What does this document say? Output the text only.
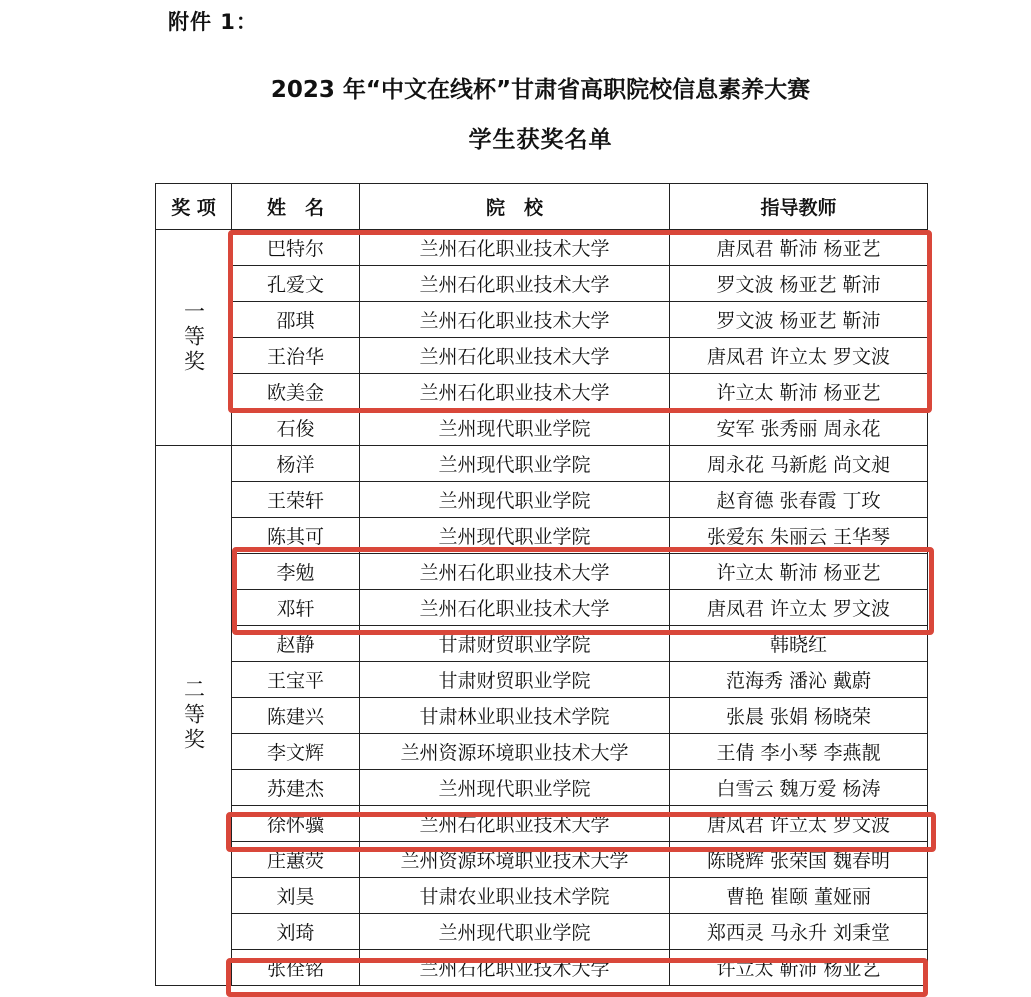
附件 1：
2023 年“中文在线杯”甘肃省高职院校信息素养大赛
学生获奖名单
奖 项	姓　名	院　校	指导教师
一等奖	巴特尔	兰州石化职业技术大学	唐凤君 靳沛 杨亚艺
	孔爱文	兰州石化职业技术大学	罗文波 杨亚艺 靳沛
	邵琪	兰州石化职业技术大学	罗文波 杨亚艺 靳沛
	王治华	兰州石化职业技术大学	唐凤君 许立太 罗文波
	欧美金	兰州石化职业技术大学	许立太 靳沛 杨亚艺
	石俊	兰州现代职业学院	安军 张秀丽 周永花
二等奖	杨洋	兰州现代职业学院	周永花 马新彪 尚文昶
	王荣轩	兰州现代职业学院	赵育德 张春霞 丁玫
	陈其可	兰州现代职业学院	张爱东 朱丽云 王华琴
	李勉	兰州石化职业技术大学	许立太 靳沛 杨亚艺
	邓轩	兰州石化职业技术大学	唐凤君 许立太 罗文波
	赵静	甘肃财贸职业学院	韩晓红
	王宝平	甘肃财贸职业学院	范海秀 潘沁 戴蔚
	陈建兴	甘肃林业职业技术学院	张晨 张娟 杨晓荣
	李文辉	兰州资源环境职业技术大学	王倩 李小琴 李燕靓
	苏建杰	兰州现代职业学院	白雪云 魏万爱 杨涛
	徐怀骥	兰州石化职业技术大学	唐凤君 许立太 罗文波
	庄蕙荧	兰州资源环境职业技术大学	陈晓辉 张荣国 魏春明
	刘昊	甘肃农业职业技术学院	曹艳 崔颐 董娅丽
	刘琦	兰州现代职业学院	郑西灵 马永升 刘秉堂
	张佺铭	兰州石化职业技术大学	许立太 靳沛 杨亚艺
